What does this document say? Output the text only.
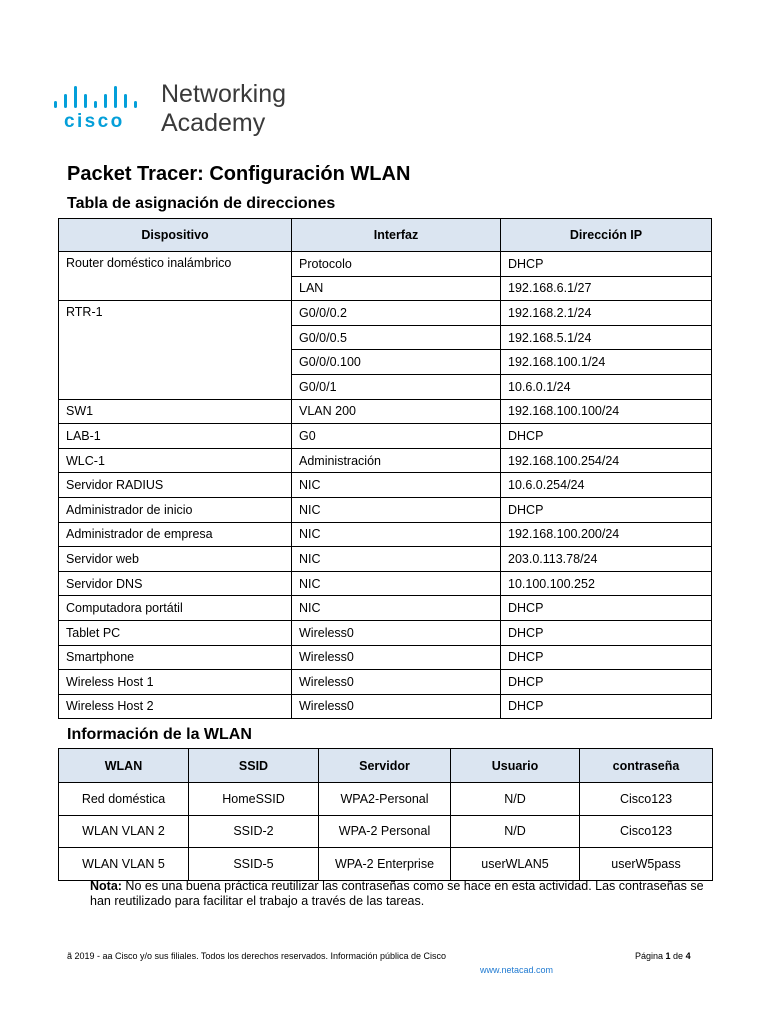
cisco
Networking
Academy
Packet Tracer: Configuración WLAN
Tabla de asignación de direcciones
Dispositivo	Interfaz	Dirección IP
Router doméstico inalámbrico	Protocolo	DHCP
	LAN	192.168.6.1/27
RTR-1	G0/0/0.2	192.168.2.1/24
	G0/0/0.5	192.168.5.1/24
	G0/0/0.100	192.168.100.1/24
	G0/0/1	10.6.0.1/24
SW1	VLAN 200	192.168.100.100/24
LAB-1	G0	DHCP
WLC-1	Administración	192.168.100.254/24
Servidor RADIUS	NIC	10.6.0.254/24
Administrador de inicio	NIC	DHCP
Administrador de empresa	NIC	192.168.100.200/24
Servidor web	NIC	203.0.113.78/24
Servidor DNS	NIC	10.100.100.252
Computadora portátil	NIC	DHCP
Tablet PC	Wireless0	DHCP
Smartphone	Wireless0	DHCP
Wireless Host 1	Wireless0	DHCP
Wireless Host 2	Wireless0	DHCP
Información de la WLAN
WLAN	SSID	Servidor	Usuario	contraseña
Red doméstica	HomeSSID	WPA2-Personal	N/D	Cisco123
WLAN VLAN 2	SSID-2	WPA-2 Personal	N/D	Cisco123
WLAN VLAN 5	SSID-5	WPA-2 Enterprise	userWLAN5	userW5pass
Nota: No es una buena práctica reutilizar las contraseñas como se hace en esta actividad. Las contraseñas se han reutilizado para facilitar el trabajo a través de las tareas.
ã 2019 - aa Cisco y/o sus filiales. Todos los derechos reservados. Información pública de Cisco	Página 1 de 4
www.netacad.com
